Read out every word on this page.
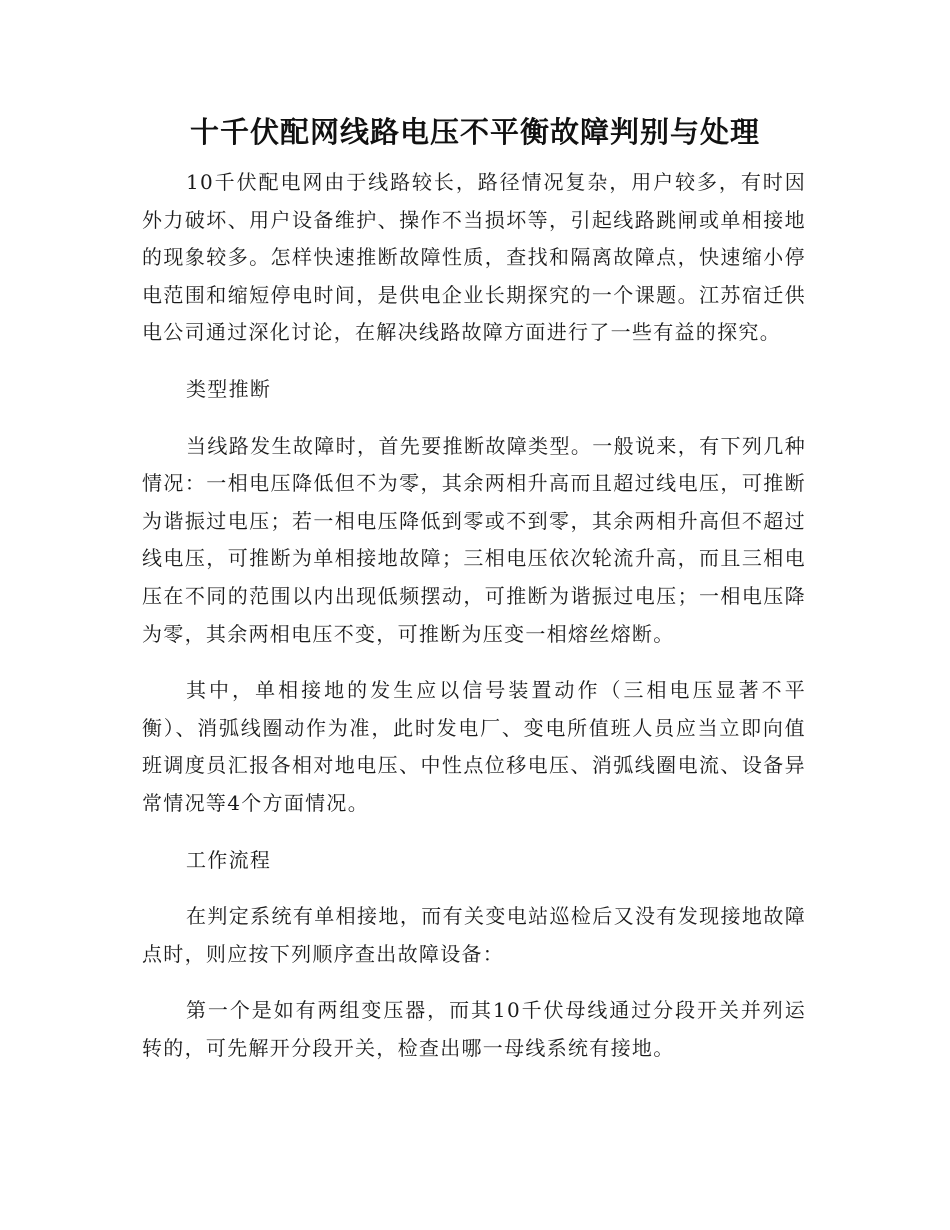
十千伏配网线路电压不平衡故障判别与处理

10千伏配电网由于线路较长，路径情况复杂，用户较多，有时因外力破坏、用户设备维护、操作不当损坏等，引起线路跳闸或单相接地的现象较多。怎样快速推断故障性质，查找和隔离故障点，快速缩小停电范围和缩短停电时间，是供电企业长期探究的一个课题。江苏宿迁供电公司通过深化讨论，在解决线路故障方面进行了一些有益的探究。

类型推断

当线路发生故障时，首先要推断故障类型。一般说来，有下列几种情况：一相电压降低但不为零，其余两相升高而且超过线电压，可推断为谐振过电压；若一相电压降低到零或不到零，其余两相升高但不超过线电压，可推断为单相接地故障；三相电压依次轮流升高，而且三相电压在不同的范围以内出现低频摆动，可推断为谐振过电压；一相电压降为零，其余两相电压不变，可推断为压变一相熔丝熔断。

其中，单相接地的发生应以信号装置动作（三相电压显著不平衡）、消弧线圈动作为准，此时发电厂、变电所值班人员应当立即向值班调度员汇报各相对地电压、中性点位移电压、消弧线圈电流、设备异常情况等4个方面情况。

工作流程

在判定系统有单相接地，而有关变电站巡检后又没有发现接地故障点时，则应按下列顺序查出故障设备：

第一个是如有两组变压器，而其10千伏母线通过分段开关并列运转的，可先解开分段开关，检查出哪一母线系统有接地。
